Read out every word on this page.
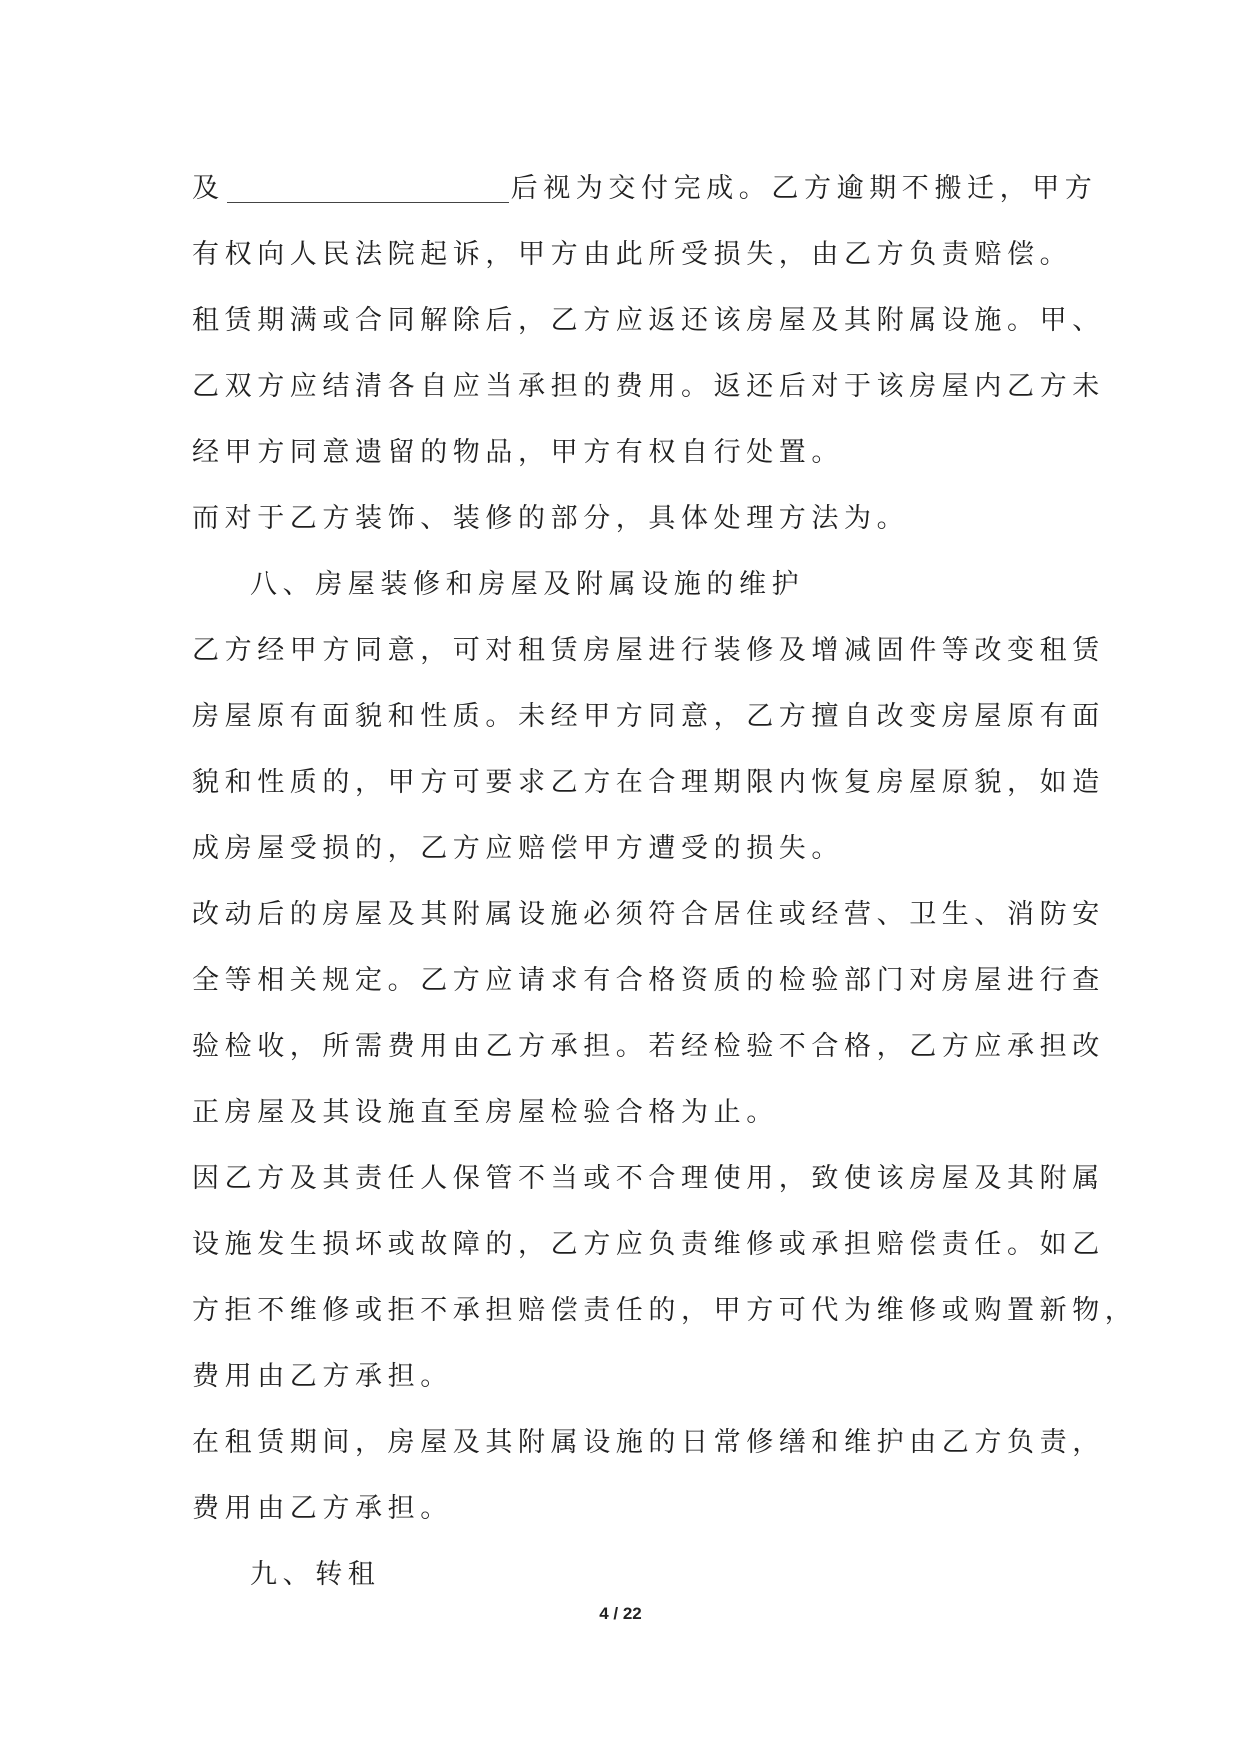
及	后视为交付完成。乙方逾期不搬迁，甲方
有权向人民法院起诉，甲方由此所受损失，由乙方负责赔偿。
租赁期满或合同解除后，乙方应返还该房屋及其附属设施。甲、
乙双方应结清各自应当承担的费用。返还后对于该房屋内乙方未
经甲方同意遗留的物品，甲方有权自行处置。
而对于乙方装饰、装修的部分，具体处理方法为。
八、房屋装修和房屋及附属设施的维护
乙方经甲方同意，可对租赁房屋进行装修及增减固件等改变租赁
房屋原有面貌和性质。未经甲方同意，乙方擅自改变房屋原有面
貌和性质的，甲方可要求乙方在合理期限内恢复房屋原貌，如造
成房屋受损的，乙方应赔偿甲方遭受的损失。
改动后的房屋及其附属设施必须符合居住或经营、卫生、消防安
全等相关规定。乙方应请求有合格资质的检验部门对房屋进行查
验检收，所需费用由乙方承担。若经检验不合格，乙方应承担改
正房屋及其设施直至房屋检验合格为止。
因乙方及其责任人保管不当或不合理使用，致使该房屋及其附属
设施发生损坏或故障的，乙方应负责维修或承担赔偿责任。如乙
方拒不维修或拒不承担赔偿责任的，甲方可代为维修或购置新物，
费用由乙方承担。
在租赁期间，房屋及其附属设施的日常修缮和维护由乙方负责，
费用由乙方承担。
九、转租
4 / 22
